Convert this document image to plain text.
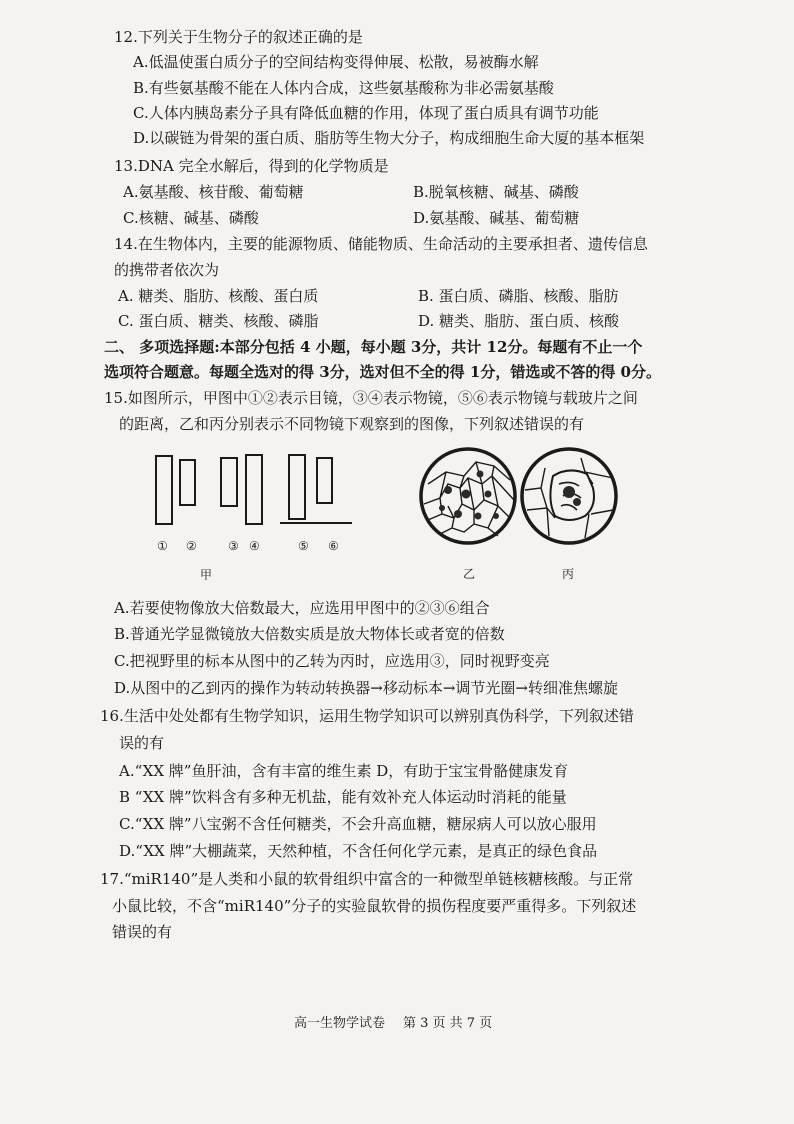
12.下列关于生物分子的叙述正确的是
A.低温使蛋白质分子的空间结构变得伸展、松散，易被酶水解
B.有些氨基酸不能在人体内合成，这些氨基酸称为非必需氨基酸
C.人体内胰岛素分子具有降低血糖的作用，体现了蛋白质具有调节功能
D.以碳链为骨架的蛋白质、脂肪等生物大分子，构成细胞生命大厦的基本框架
13.DNA 完全水解后，得到的化学物质是
A.氨基酸、核苷酸、葡萄糖	B.脱氧核糖、碱基、磷酸
C.核糖、碱基、磷酸	D.氨基酸、碱基、葡萄糖
14.在生物体内，主要的能源物质、储能物质、生命活动的主要承担者、遗传信息
的携带者依次为
A. 糖类、脂肪、核酸、蛋白质	B. 蛋白质、磷脂、核酸、脂肪
C. 蛋白质、糖类、核酸、磷脂	D. 糖类、脂肪、蛋白质、核酸
二、 多项选择题:本部分包括 4 小题，每小题 3分，共计 12分。每题有不止一个
选项符合题意。每题全选对的得 3分，选对但不全的得 1分，错选或不答的得 0分。
15.如图所示，甲图中①②表示目镜，③④表示物镜，⑤⑥表示物镜与载玻片之间
的距离，乙和丙分别表示不同物镜下观察到的图像，下列叙述错误的有
① ②	③ ④	⑤ ⑥
甲	乙	丙
A.若要使物像放大倍数最大，应选用甲图中的②③⑥组合
B.普通光学显微镜放大倍数实质是放大物体长或者宽的倍数
C.把视野里的标本从图中的乙转为丙时，应选用③，同时视野变亮
D.从图中的乙到丙的操作为转动转换器→移动标本→调节光圈→转细准焦螺旋
16.生活中处处都有生物学知识，运用生物学知识可以辨别真伪科学，下列叙述错
误的有
A.“XX 牌”鱼肝油，含有丰富的维生素 D，有助于宝宝骨骼健康发育
B “XX 牌”饮料含有多种无机盐，能有效补充人体运动时消耗的能量
C.“XX 牌”八宝粥不含任何糖类，不会升高血糖，糖尿病人可以放心服用
D.“XX 牌”大棚蔬菜，天然种植，不含任何化学元素，是真正的绿色食品
17.“miR140”是人类和小鼠的软骨组织中富含的一种微型单链核糖核酸。与正常
小鼠比较，不含“miR140”分子的实验鼠软骨的损伤程度要严重得多。下列叙述
错误的有
高一生物学试卷 第 3 页 共 7 页
